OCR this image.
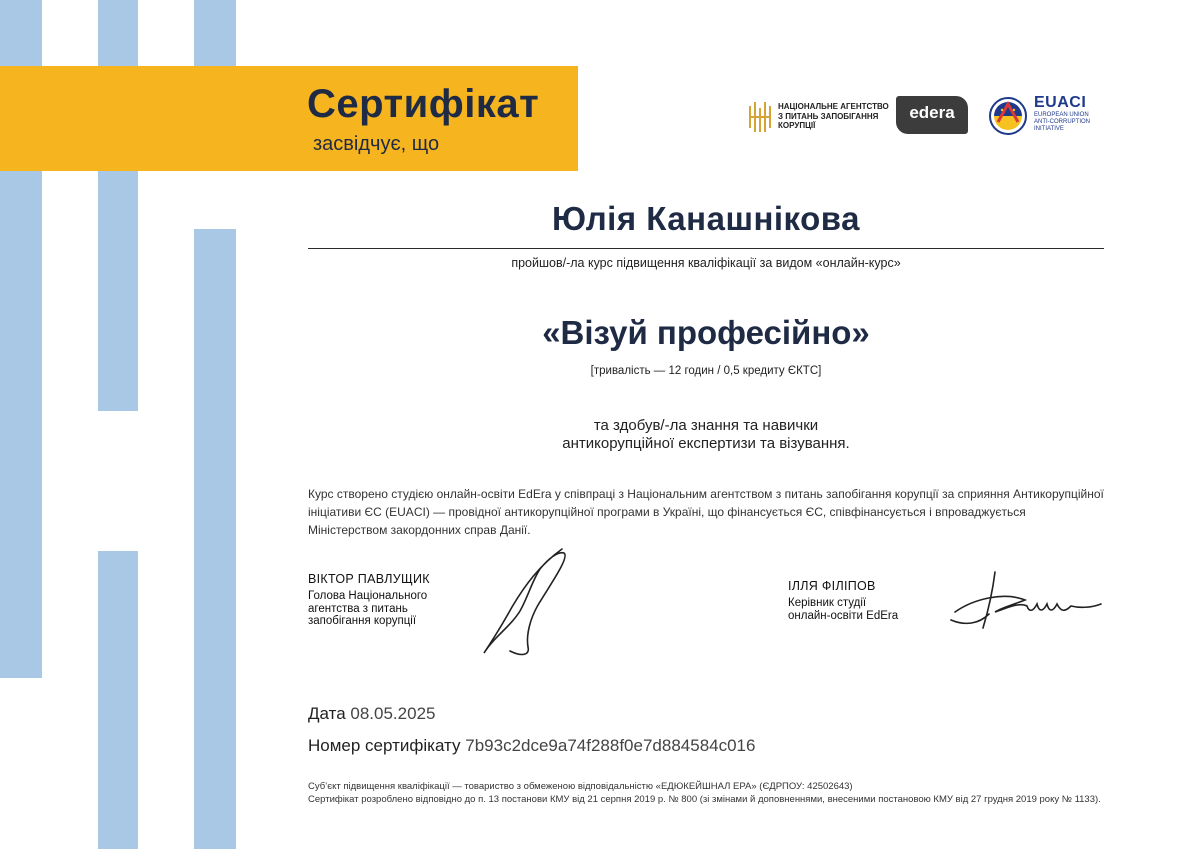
Сертифікат
засвідчує, що
НАЦІОНАЛЬНЕ АГЕНТСТВО
З ПИТАНЬ ЗАПОБІГАННЯ
КОРУПЦІЇ
edera
EUACI
EUROPEAN UNION
ANTI-CORRUPTION
INITIATIVE
Юлія Канашнікова
пройшов/-ла курс підвищення кваліфікації за видом «онлайн-курс»
«Візуй професійно»
[тривалість — 12 годин / 0,5 кредиту ЄКТС]
та здобув/-ла знання та навички
антикорупційної експертизи та візування.
Курс створено студією онлайн-освіти EdEra у співпраці з Національним агентством з питань запобігання корупції за сприяння Антикорупційної ініціативи ЄС (EUACI) — провідної антикорупційної програми в Україні, що фінансується ЄС, співфінансується і впроваджується Міністерством закордонних справ Данії.
ВІКТОР ПАВЛУЩИК
Голова Національного
агентства з питань
запобігання корупції
ІЛЛЯ ФІЛІПОВ
Керівник студії
онлайн-освіти EdEra
Дата 08.05.2025
Номер сертифікату 7b93c2dce9a74f288f0e7d884584c016
Суб’єкт підвищення кваліфікації — товариство з обмеженою відповідальністю «ЕДЮКЕЙШНАЛ ЕРА» (ЄДРПОУ: 42502643)
Сертифікат розроблено відповідно до п. 13 постанови КМУ від 21 серпня 2019 р. № 800 (зі змінами й доповненнями, внесеними постановою КМУ від 27 грудня 2019 року № 1133).
